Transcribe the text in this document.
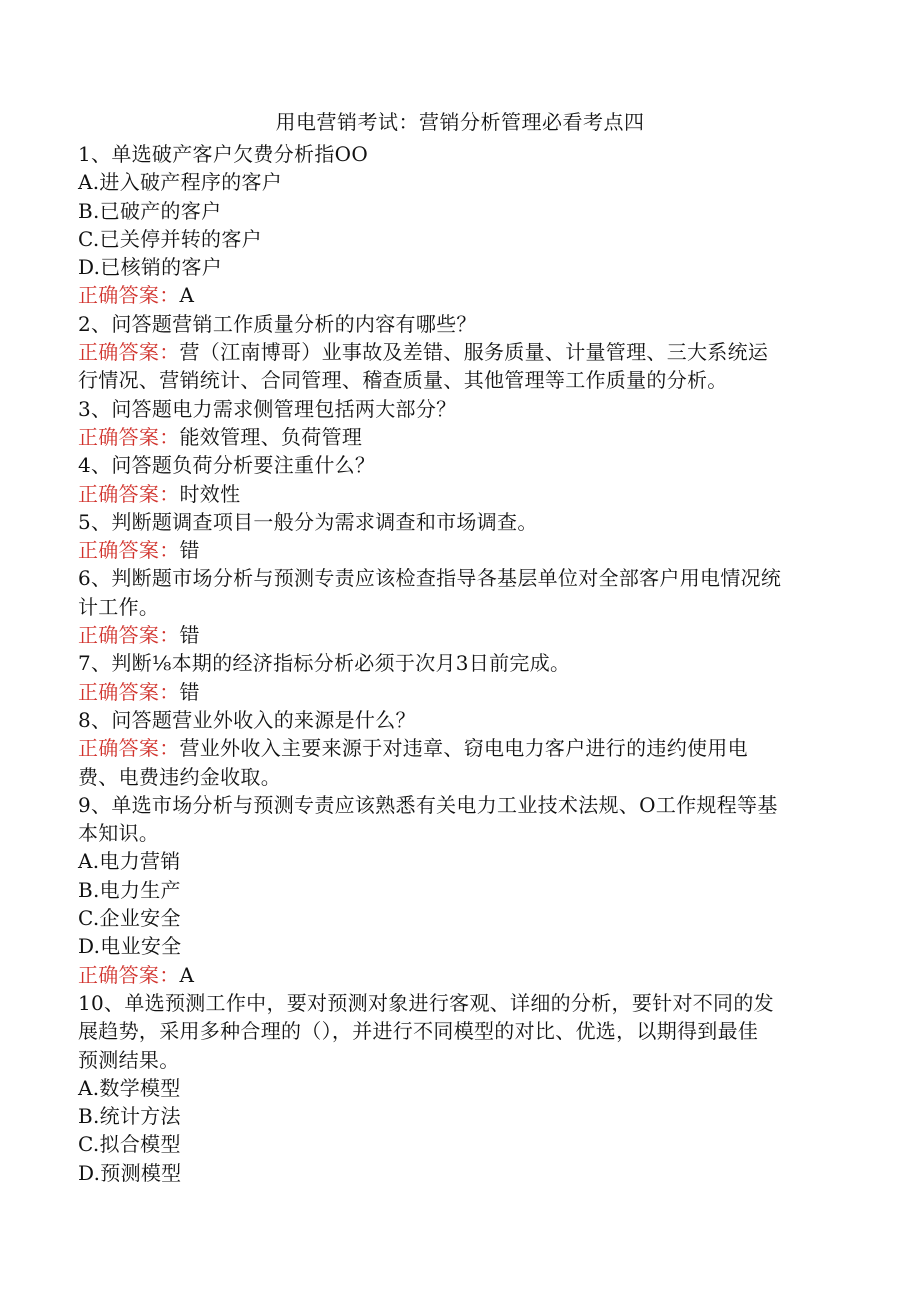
用电营销考试：营销分析管理必看考点四
1、单选破产客户欠费分析指OO
A.进入破产程序的客户
B.已破产的客户
C.已关停并转的客户
D.已核销的客户
正确答案：A
2、问答题营销工作质量分析的内容有哪些？
正确答案：营（江南博哥）业事故及差错、服务质量、计量管理、三大系统运
行情况、营销统计、合同管理、稽查质量、其他管理等工作质量的分析。
3、问答题电力需求侧管理包括两大部分？
正确答案：能效管理、负荷管理
4、问答题负荷分析要注重什么？
正确答案：时效性
5、判断题调查项目一般分为需求调查和市场调查。
正确答案：错
6、判断题市场分析与预测专责应该检查指导各基层单位对全部客户用电情况统
计工作。
正确答案：错
7、判断⅛本期的经济指标分析必须于次月3日前完成。
正确答案：错
8、问答题营业外收入的来源是什么？
正确答案：营业外收入主要来源于对违章、窃电电力客户进行的违约使用电
费、电费违约金收取。
9、单选市场分析与预测专责应该熟悉有关电力工业技术法规、O工作规程等基
本知识。
A.电力营销
B.电力生产
C.企业安全
D.电业安全
正确答案：A
10、单选预测工作中，要对预测对象进行客观、详细的分析，要针对不同的发
展趋势，采用多种合理的（），并进行不同模型的对比、优选，以期得到最佳
预测结果。
A.数学模型
B.统计方法
C.拟合模型
D.预测模型
